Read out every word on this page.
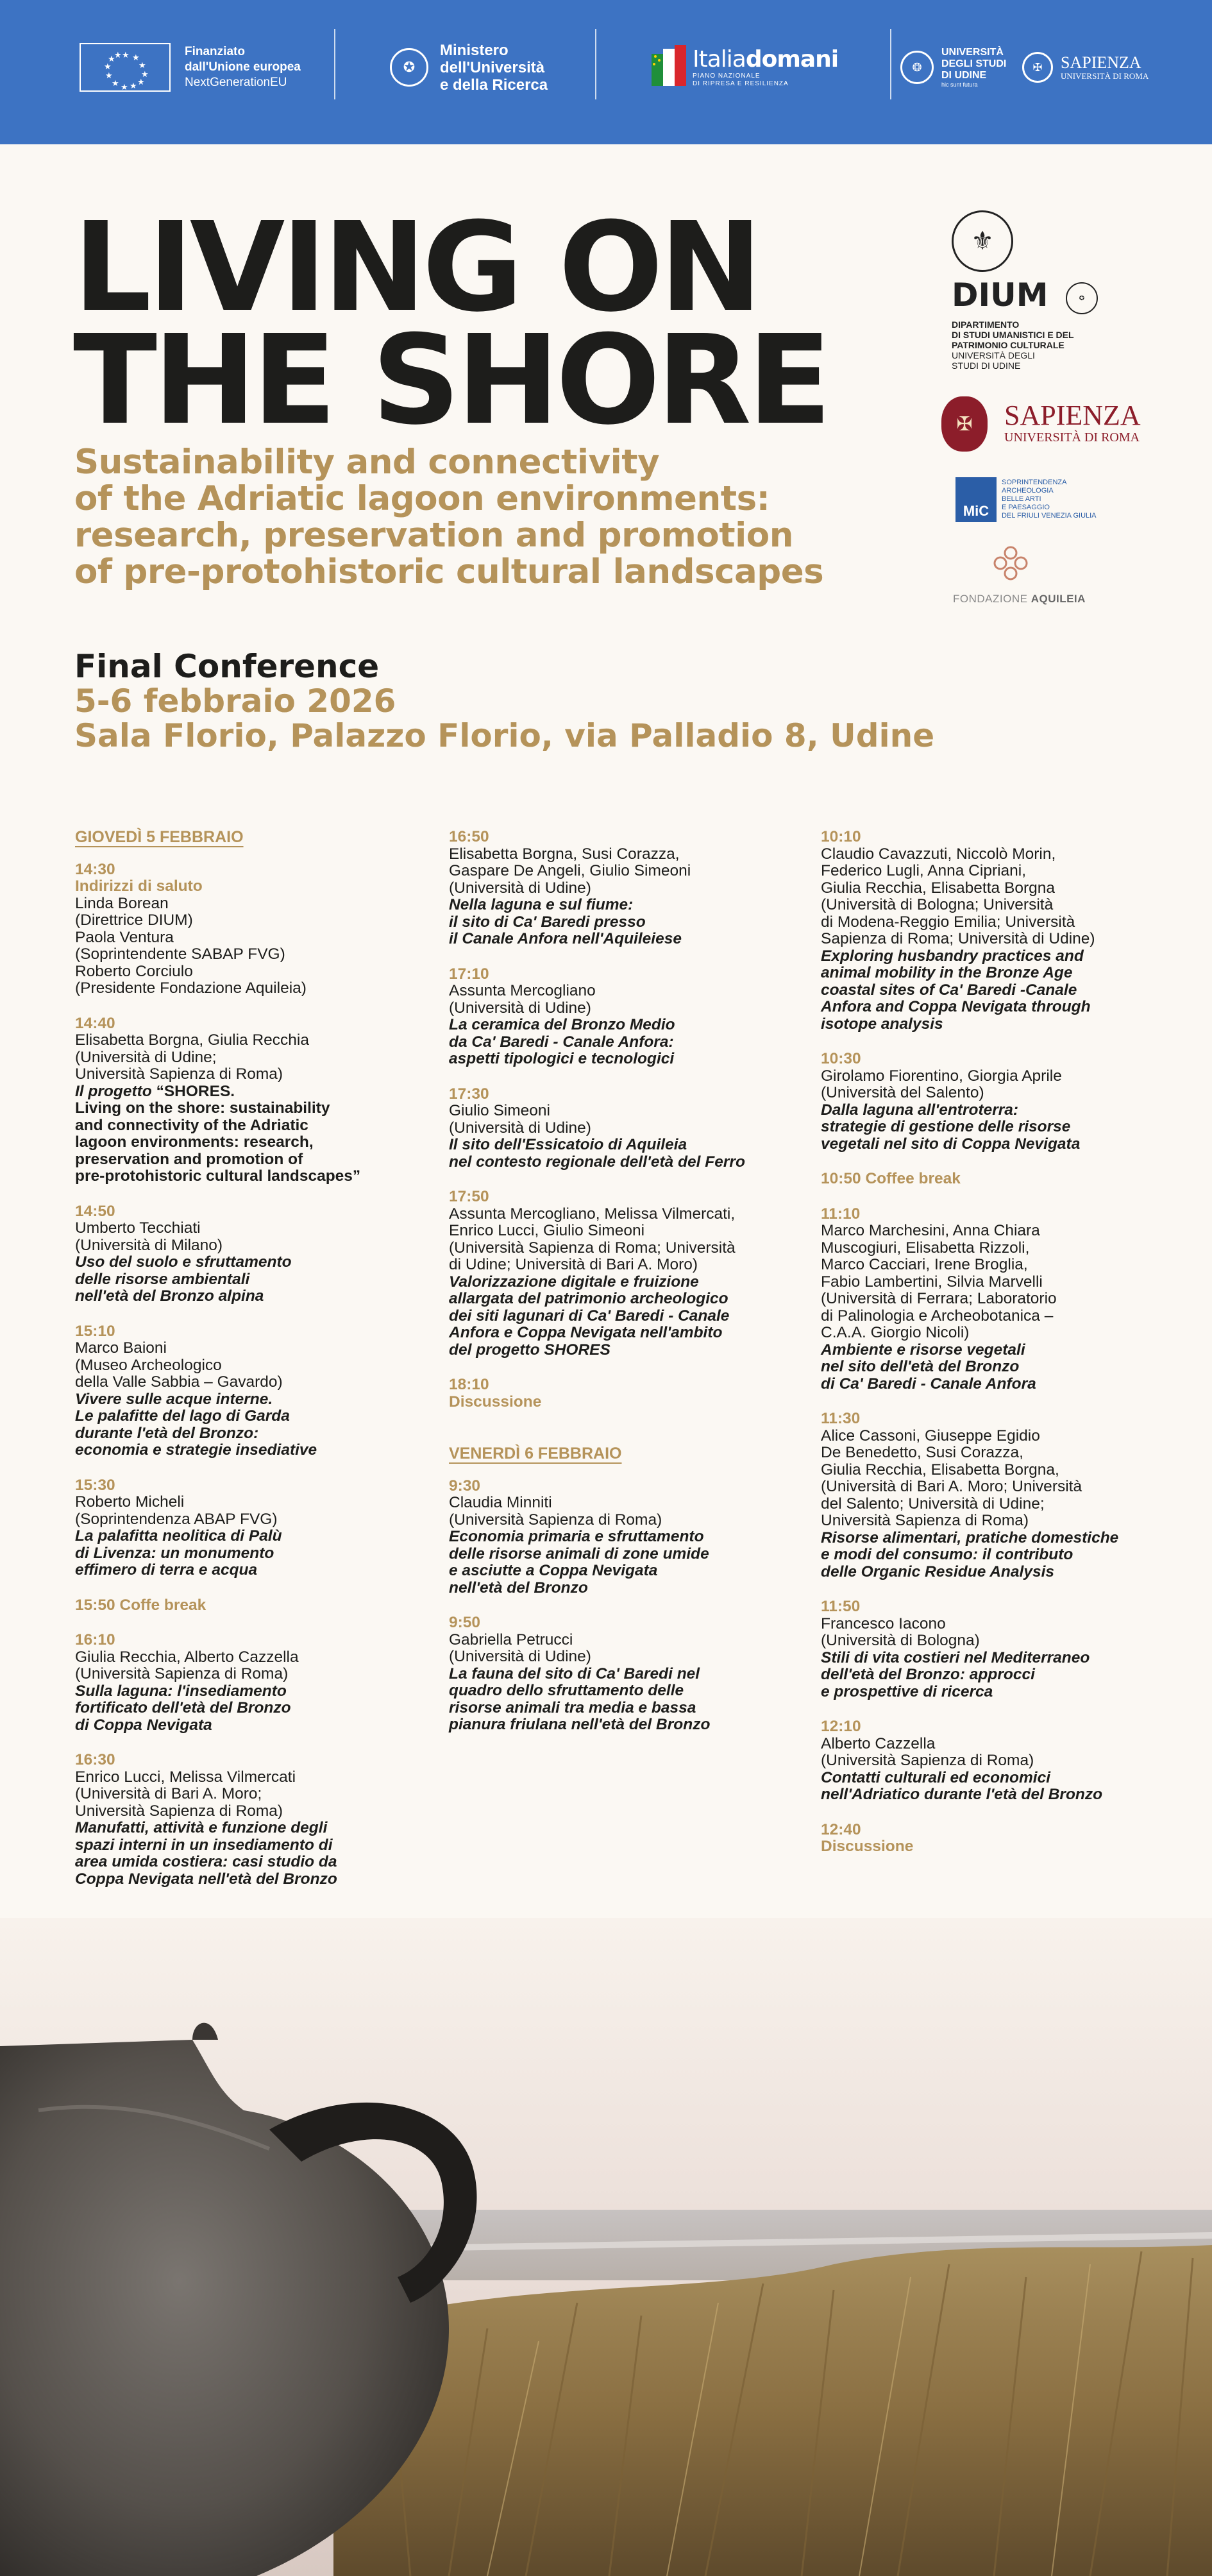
★ ★
★
★
★
★
★
★
★
★
★
★	Finanziato
dall'Unione europea
NextGenerationEU
✪
Ministero
dell'Università
e della Ricerca
Italiadomani
PIANO NAZIONALE
DI RIPRESA E RESILIENZA
❂
UNIVERSITÀ
DEGLI STUDI
DI UDINE
hic sunt futura
✠	SAPIENZA
UNIVERSITÀ DI ROMA
LIVING ON
THE SHORE
Sustainability and connectivity
of the Adriatic lagoon environments:
research, preservation and promotion
of pre-protohistoric cultural landscapes
Final Conference
5-6 febbraio 2026
Sala Florio, Palazzo Florio, via Palladio 8, Udine
⚜
DIUM	✪
DIPARTIMENTO
DI STUDI UMANISTICI E DEL
PATRIMONIO CULTURALE
UNIVERSITÀ DEGLI
STUDI DI UDINE
✠	SAPIENZA
UNIVERSITÀ DI ROMA
MiC
SOPRINTENDENZA
ARCHEOLOGIA
BELLE ARTI
E PAESAGGIO
DEL FRIULI VENEZIA GIULIA
FONDAZIONE AQUILEIA
GIOVEDÌ 5 FEBBRAIO
14:30
Indirizzi di saluto
Linda Borean
(Direttrice DIUM)
Paola Ventura
(Soprintendente SABAP FVG)
Roberto Corciulo
(Presidente Fondazione Aquileia)
14:40
Elisabetta Borgna, Giulia Recchia
(Università di Udine;
Università Sapienza di Roma)
Il progetto “SHORES.
Living on the shore: sustainability
and connectivity of the Adriatic
lagoon environments: research,
preservation and promotion of
pre-protohistoric cultural landscapes”
14:50
Umberto Tecchiati
(Università di Milano)
Uso del suolo e sfruttamento
delle risorse ambientali
nell'età del Bronzo alpina
15:10
Marco Baioni
(Museo Archeologico
della Valle Sabbia – Gavardo)
Vivere sulle acque interne.
Le palafitte del lago di Garda
durante l'età del Bronzo:
economia e strategie insediative
15:30
Roberto Micheli
(Soprintendenza ABAP FVG)
La palafitta neolitica di Palù
di Livenza: un monumento
effimero di terra e acqua
15:50 Coffe break
16:10
Giulia Recchia, Alberto Cazzella
(Università Sapienza di Roma)
Sulla laguna: l'insediamento
fortificato dell'età del Bronzo
di Coppa Nevigata
16:30
Enrico Lucci, Melissa Vilmercati
(Università di Bari A. Moro;
Università Sapienza di Roma)
Manufatti, attività e funzione degli
spazi interni in un insediamento di
area umida costiera: casi studio da
Coppa Nevigata nell'età del Bronzo
16:50
Elisabetta Borgna, Susi Corazza,
Gaspare De Angeli, Giulio Simeoni
(Università di Udine)
Nella laguna e sul fiume:
il sito di Ca' Baredi presso
il Canale Anfora nell'Aquileiese
17:10
Assunta Mercogliano
(Università di Udine)
La ceramica del Bronzo Medio
da Ca' Baredi - Canale Anfora:
aspetti tipologici e tecnologici
17:30
Giulio Simeoni
(Università di Udine)
Il sito dell'Essicatoio di Aquileia
nel contesto regionale dell'età del Ferro
17:50
Assunta Mercogliano, Melissa Vilmercati,
Enrico Lucci, Giulio Simeoni
(Università Sapienza di Roma; Università
di Udine; Università di Bari A. Moro)
Valorizzazione digitale e fruizione
allargata del patrimonio archeologico
dei siti lagunari di Ca' Baredi - Canale
Anfora e Coppa Nevigata nell'ambito
del progetto SHORES
18:10
Discussione
VENERDÌ 6 FEBBRAIO
9:30
Claudia Minniti
(Università Sapienza di Roma)
Economia primaria e sfruttamento
delle risorse animali di zone umide
e asciutte a Coppa Nevigata
nell'età del Bronzo
9:50
Gabriella Petrucci
(Università di Udine)
La fauna del sito di Ca' Baredi nel
quadro dello sfruttamento delle
risorse animali tra media e bassa
pianura friulana nell'età del Bronzo
10:10
Claudio Cavazzuti, Niccolò Morin,
Federico Lugli, Anna Cipriani,
Giulia Recchia, Elisabetta Borgna
(Università di Bologna; Università
di Modena-Reggio Emilia; Università
Sapienza di Roma; Università di Udine)
Exploring husbandry practices and
animal mobility in the Bronze Age
coastal sites of Ca' Baredi -Canale
Anfora and Coppa Nevigata through
isotope analysis
10:30
Girolamo Fiorentino, Giorgia Aprile
(Università del Salento)
Dalla laguna all'entroterra:
strategie di gestione delle risorse
vegetali nel sito di Coppa Nevigata
10:50 Coffee break
11:10
Marco Marchesini, Anna Chiara
Muscogiuri, Elisabetta Rizzoli,
Marco Cacciari, Irene Broglia,
Fabio Lambertini, Silvia Marvelli
(Università di Ferrara; Laboratorio
di Palinologia e Archeobotanica –
C.A.A. Giorgio Nicoli)
Ambiente e risorse vegetali
nel sito dell'età del Bronzo
di Ca' Baredi - Canale Anfora
11:30
Alice Cassoni, Giuseppe Egidio
De Benedetto, Susi Corazza,
Giulia Recchia, Elisabetta Borgna,
(Università di Bari A. Moro; Università
del Salento; Università di Udine;
Università Sapienza di Roma)
Risorse alimentari, pratiche domestiche
e modi del consumo: il contributo
delle Organic Residue Analysis
11:50
Francesco Iacono
(Università di Bologna)
Stili di vita costieri nel Mediterraneo
dell'età del Bronzo: approcci
e prospettive di ricerca
12:10
Alberto Cazzella
(Università Sapienza di Roma)
Contatti culturali ed economici
nell'Adriatico durante l'età del Bronzo
12:40
Discussione
